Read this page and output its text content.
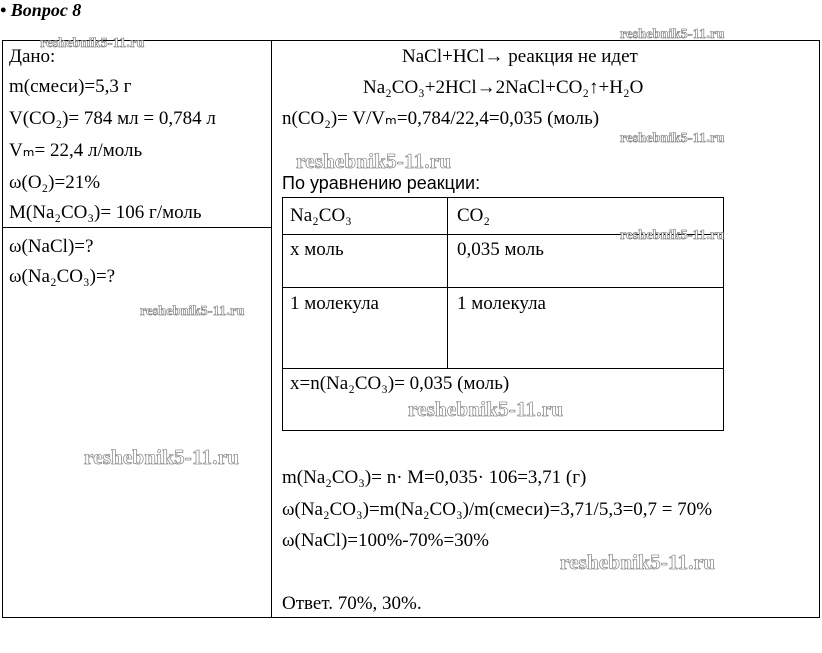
• Вопрос 8
Дано:
m(смеси)=5,3 г
V(CO₂)= 784 мл = 0,784 л
Vₘ= 22,4 л/моль
ω(O₂)=21%
M(Na₂CO₃)= 106 г/моль
ω(NaCl)=?
ω(Na₂CO₃)=?
NaCl+HCl→ реакция не идет
Na₂CO₃+2HCl→2NaCl+CO₂↑+H₂O
n(CO₂)= V/Vₘ=0,784/22,4=0,035 (моль)
По уравнению реакции:
Na₂CO₃	CO₂
x моль	0,035 моль
1 молекула	1 молекула
x=n(Na₂CO₃)= 0,035 (моль)
m(Na₂CO₃)= n· M=0,035· 106=3,71 (г)
ω(Na₂CO₃)=m(Na₂CO₃)/m(смеси)=3,71/5,3=0,7 = 70%
ω(NaCl)=100%-70%=30%
Ответ. 70%, 30%.
reshebnik5-11.ru
reshebnik5-11.ru
reshebnik5-11.ru
reshebnik5-11.ru
reshebnik5-11.ru
reshebnik5-11.ru
reshebnik5-11.ru
reshebnik5-11.ru
reshebnik5-11.ru
